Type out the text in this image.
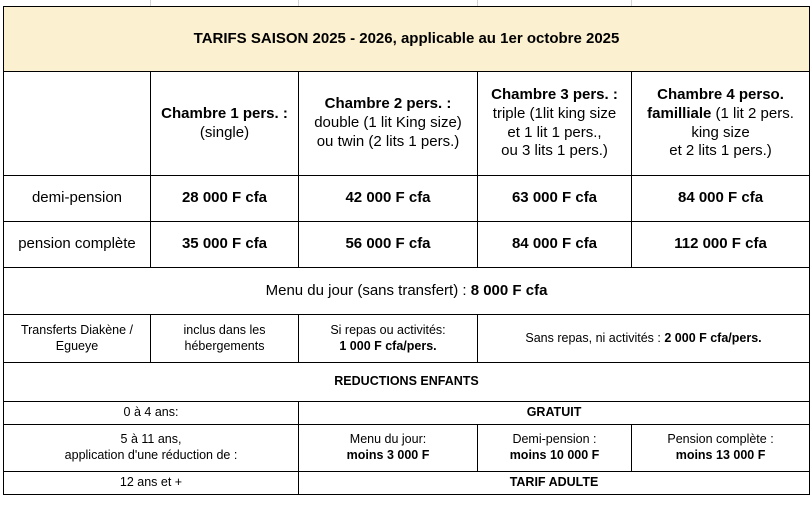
TARIFS SAISON 2025 - 2026, applicable au 1er octobre 2025				
	Chambre 1 pers. :
(single)	Chambre 2 pers. :
double (1 lit King size)
ou twin (2 lits 1 pers.)	Chambre 3 pers. :
triple (1lit king size
et 1 lit 1 pers.,
ou 3 lits 1 pers.)	Chambre 4 perso.
familliale (1 lit 2 pers.
king size
et 2 lits 1 pers.)
demi-pension	28 000 F cfa	42 000 F cfa	63 000 F cfa	84 000 F cfa
pension complète	35 000 F cfa	56 000 F cfa	84 000 F cfa	112 000 F cfa
Menu du jour (sans transfert) : 8 000 F cfa				
Transferts Diakène /
Egueye	inclus dans les
hébergements	Si repas ou activités:
1 000 F cfa/pers.	Sans repas, ni activités : 2 000 F cfa/pers.	
REDUCTIONS ENFANTS				
0 à 4 ans:		GRATUIT		
5 à 11 ans,
application d'une réduction de :		Menu du jour:
moins 3 000 F	Demi-pension :
moins 10 000 F	Pension complète :
moins 13 000 F
12 ans et +		TARIF ADULTE		
